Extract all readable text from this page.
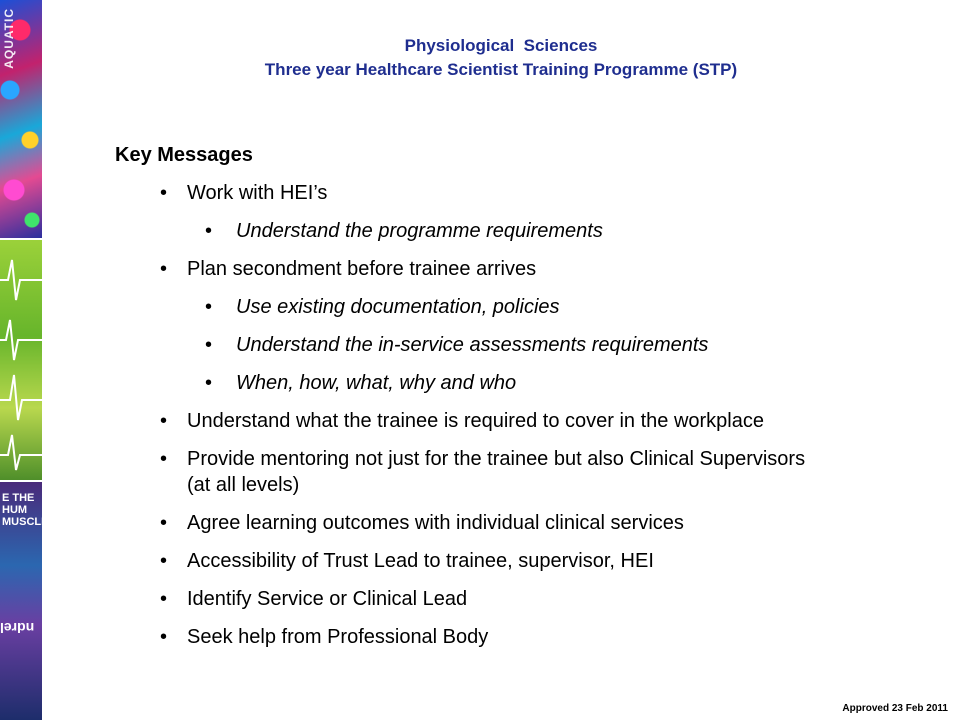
AQUATIC
E THE HUM MUSCLE
ndrel
Physiological  Sciences
Three year Healthcare Scientist Training Programme (STP)
Key Messages
• Work with HEI’s
• Understand the programme requirements
• Plan secondment before trainee arrives
• Use existing documentation, policies
• Understand the in-service assessments requirements
• When, how, what, why and who
• Understand what the trainee is required to cover in the workplace
• Provide mentoring not just for the trainee but also Clinical Supervisors (at all levels)
• Agree learning outcomes with individual clinical services
• Accessibility of Trust Lead to trainee, supervisor, HEI
• Identify Service or Clinical Lead
• Seek help from Professional Body
Approved 23 Feb 2011
